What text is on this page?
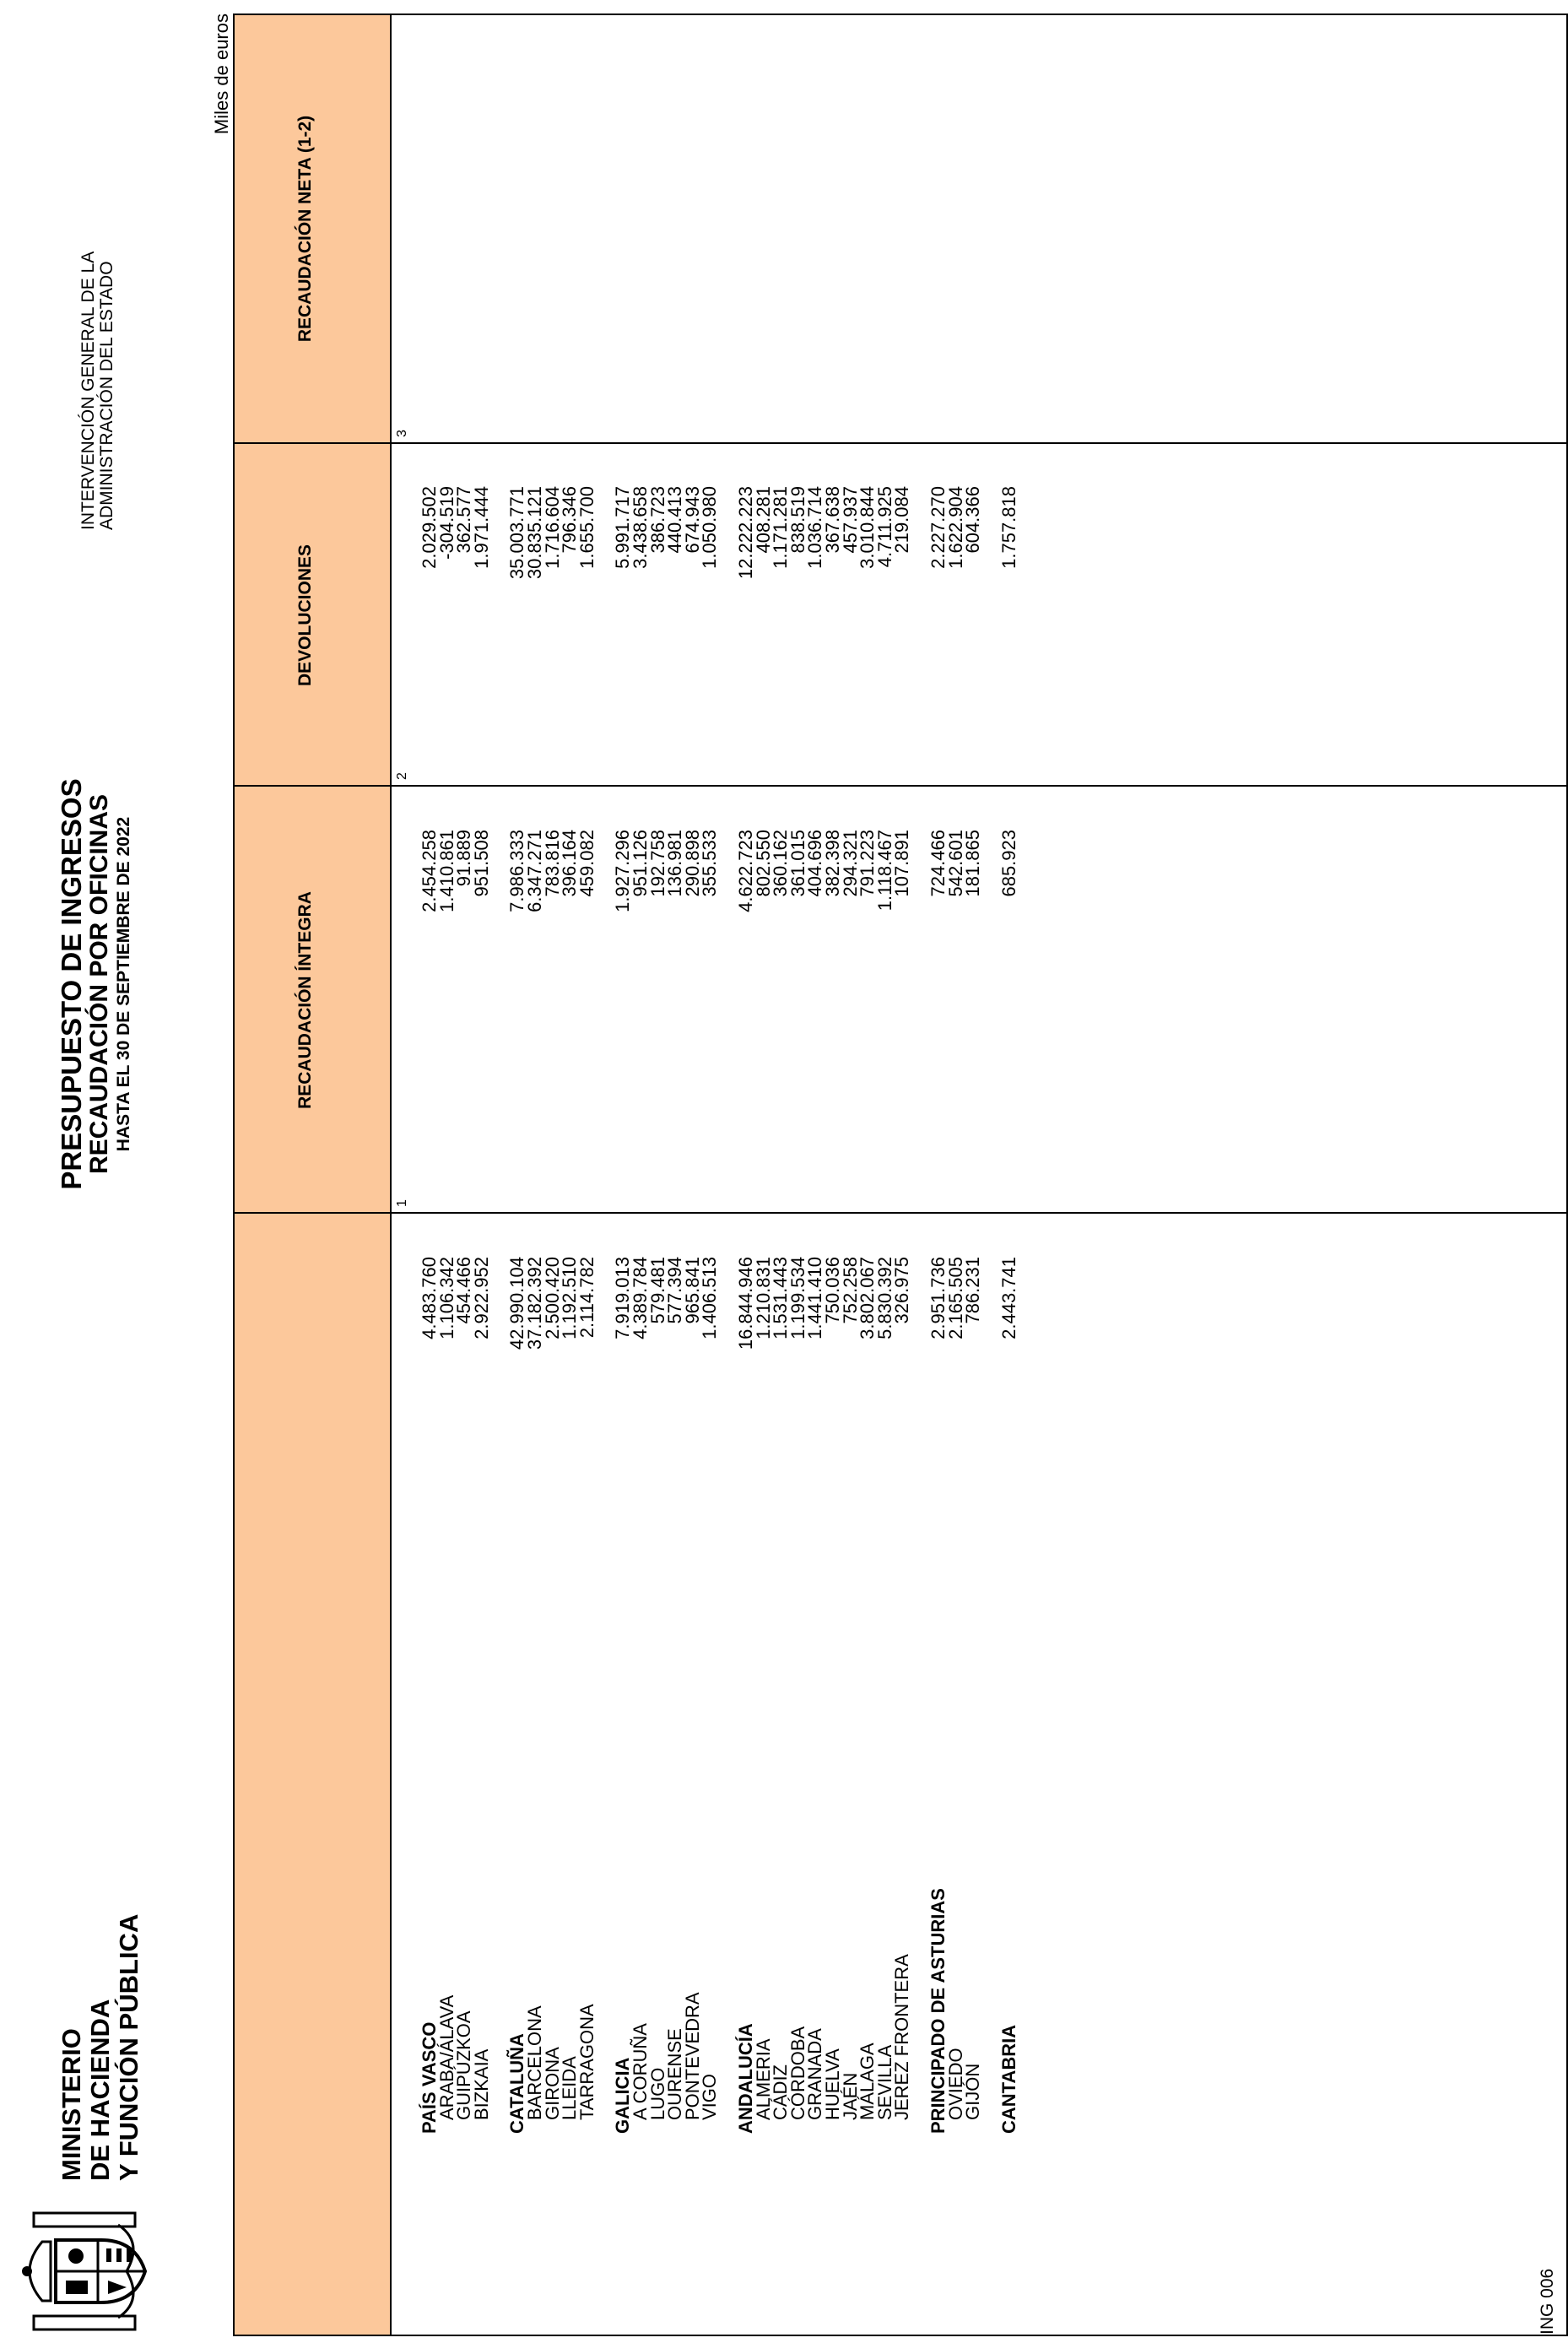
MINISTERIO DE HACIENDA Y FUNCIÓN PÚBLICA
PRESUPUESTO DE INGRESOS
RECAUDACIÓN POR OFICINAS HASTA EL 30 DE SEPTIEMBRE DE 2022
INTERVENCIÓN GENERAL DE LA ADMINISTRACIÓN DEL ESTADO
Miles de euros
RECAUDACIÓN ÍNTEGRA
DEVOLUCIONES
RECAUDACIÓN NETA (1-2)
1
2
3
PAÍS VASCO
4.483.760
2.454.258
2.029.502
ARABA/ÁLAVA
1.106.342
1.410.861
-304.519
GUIPÚZKOA
454.466
91.889
362.577
BIZKAIA
2.922.952
951.508
1.971.444
CATALUÑA
42.990.104
7.986.333
35.003.771
BARCELONA
37.182.392
6.347.271
30.835.121
GIRONA
2.500.420
783.816
1.716.604
LLEIDA
1.192.510
396.164
796.346
TARRAGONA
2.114.782
459.082
1.655.700
GALICIA
7.919.013
1.927.296
5.991.717
A CORUÑA
4.389.784
951.126
3.438.658
LUGO
579.481
192.758
386.723
OURENSE
577.394
136.981
440.413
PONTEVEDRA
965.841
290.898
674.943
VIGO
1.406.513
355.533
1.050.980
ANDALUCÍA
16.844.946
4.622.723
12.222.223
ALMERIA
1.210.831
802.550
408.281
CÁDIZ
1.531.443
360.162
1.171.281
CÓRDOBA
1.199.534
361.015
838.519
GRANADA
1.441.410
404.696
1.036.714
HUELVA
750.036
382.398
367.638
JAÉN
752.258
294.321
457.937
MÁLAGA
3.802.067
791.223
3.010.844
SEVILLA
5.830.392
1.118.467
4.711.925
JEREZ FRONTERA
326.975
107.891
219.084
PRINCIPADO DE ASTURIAS
2.951.736
724.466
2.227.270
OVIEDO
2.165.505
542.601
1.622.904
GIJÓN
786.231
181.865
604.366
CANTABRIA
2.443.741
685.923
1.757.818
ING 006
